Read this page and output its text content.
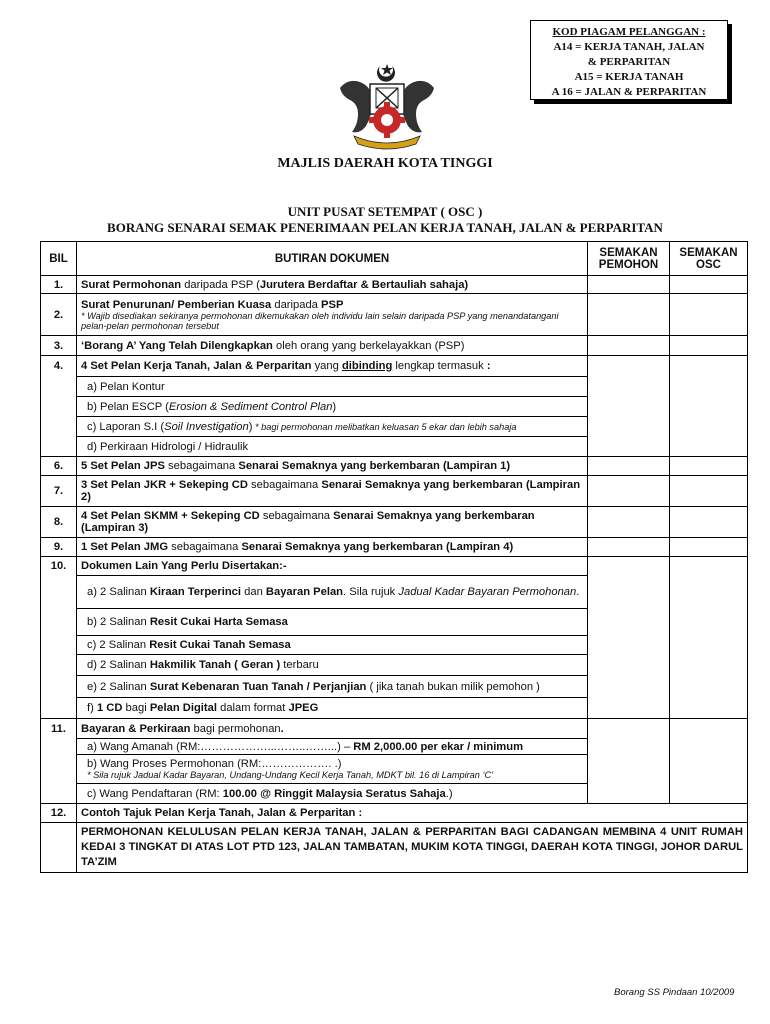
KOD PIAGAM PELANGGAN :
A14 = KERJA TANAH, JALAN
& PERPARITAN
A15 = KERJA TANAH
A 16 = JALAN & PERPARITAN
MAJLIS DAERAH KOTA TINGGI
UNIT PUSAT SETEMPAT ( OSC )
BORANG SENARAI SEMAK PENERIMAAN PELAN KERJA TANAH, JALAN & PERPARITAN
BIL	BUTIRAN DOKUMEN	SEMAKAN PEMOHON	SEMAKAN OSC
1.	Surat Permohonan daripada PSP (Jurutera Berdaftar & Bertauliah sahaja)		
2.	Surat Penurunan/ Pemberian Kuasa daripada PSP
* Wajib disediakan sekiranya permohonan dikemukakan oleh individu lain selain daripada PSP yang menandatangani pelan-pelan permohonan tersebut		

3.	‘Borang A’ Yang Telah Dilengkapkan oleh orang yang berkelayakkan (PSP)		
4.	4 Set Pelan Kerja Tanah, Jalan & Perparitan yang dibinding lengkap termasuk :		
	a) Pelan Kontur		
	b) Pelan ESCP (Erosion & Sediment Control Plan)		
	c) Laporan S.I (Soil Investigation) * bagi permohonan melibatkan keluasan 5 ekar dan lebih sahaja		
	d) Perkiraan Hidrologi / Hidraulik		
6.	5 Set Pelan JPS sebagaimana Senarai Semaknya yang berkembaran (Lampiran 1)		
7.	3 Set Pelan JKR + Sekeping CD sebagaimana Senarai Semaknya yang berkembaran (Lampiran 2)		
8.	4 Set Pelan SKMM + Sekeping CD sebagaimana Senarai Semaknya yang berkembaran (Lampiran 3)		
9.	1 Set Pelan JMG sebagaimana Senarai Semaknya yang berkembaran (Lampiran 4)		
10.	Dokumen Lain Yang Perlu Disertakan:-		
	a) 2 Salinan Kiraan Terperinci dan Bayaran Pelan. Sila rujuk Jadual Kadar Bayaran Permohonan.		
	b) 2 Salinan Resit Cukai Harta Semasa		
	c) 2 Salinan Resit Cukai Tanah Semasa		
	d) 2 Salinan Hakmilik Tanah ( Geran ) terbaru		
	e) 2 Salinan Surat Kebenaran Tuan Tanah / Perjanjian ( jika tanah bukan milik pemohon )		
	f) 1 CD bagi Pelan Digital dalam format JPEG		
11.	Bayaran & Perkiraan bagi permohonan.		
	a) Wang Amanah (RM:………………...……..……...) – RM 2,000.00 per ekar / minimum		
	b) Wang Proses Permohonan (RM:………………. .)
* Sila rujuk Jadual Kadar Bayaran, Undang-Undang Kecil Kerja Tanah, MDKT bil. 16 di Lampiran ‘C’		

	c) Wang Pendaftaran (RM: 100.00 @ Ringgit Malaysia Seratus Sahaja.)		
12.	Contoh Tajuk Pelan Kerja Tanah, Jalan & Perparitan :		
	PERMOHONAN KELULUSAN PELAN KERJA TANAH, JALAN & PERPARITAN BAGI CADANGAN MEMBINA 4 UNIT RUMAH KEDAI 3 TINGKAT DI ATAS LOT PTD 123, JALAN TAMBATAN, MUKIM KOTA TINGGI, DAERAH KOTA TINGGI, JOHOR DARUL TA’ZIM		
Borang SS Pindaan 10/2009
